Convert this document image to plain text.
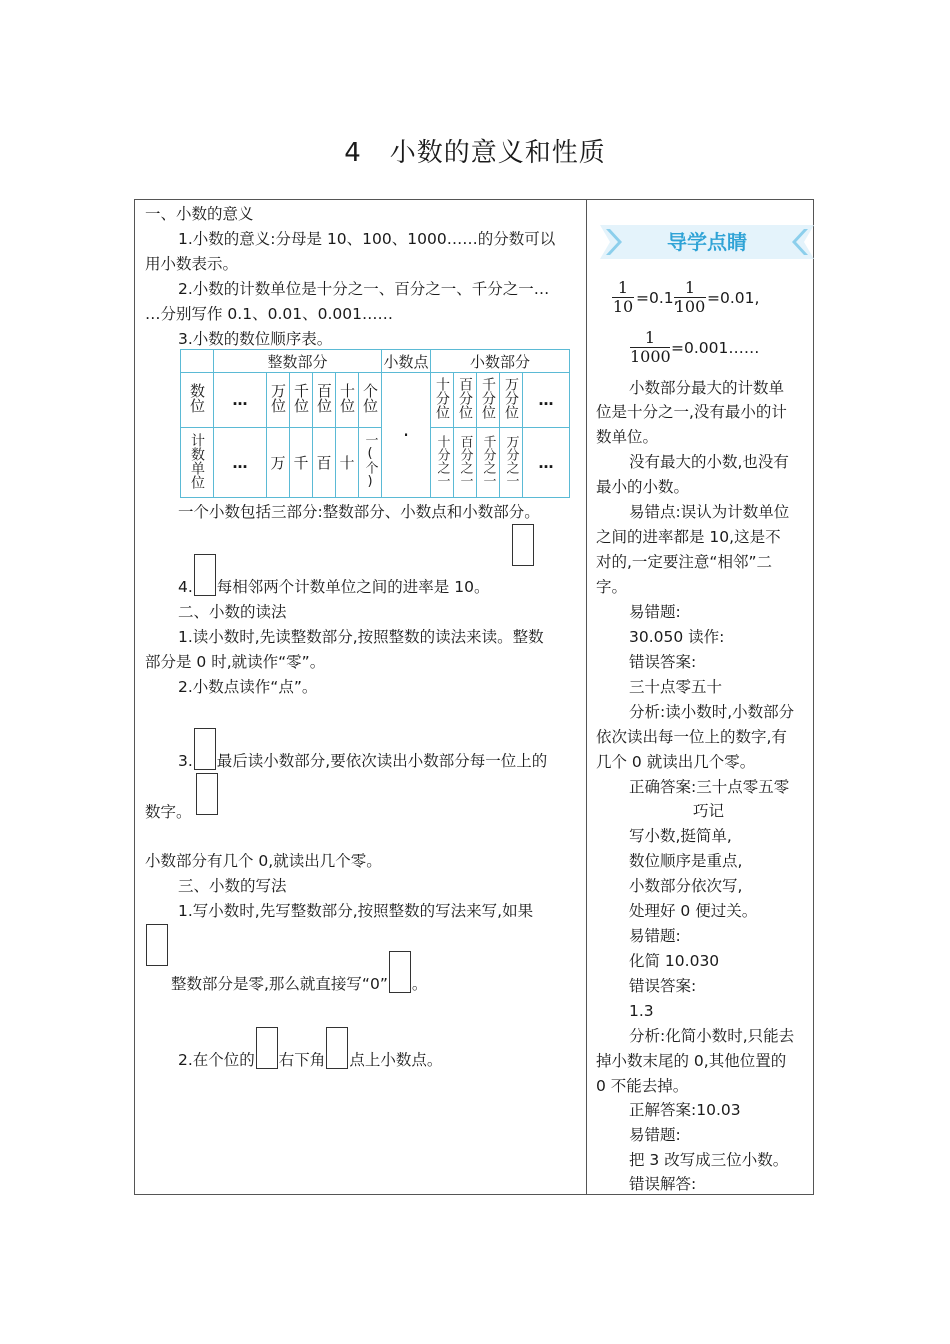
4 小数的意义和性质
一、小数的意义
1.小数的意义:分母是 10、100、1000……的分数可以
用小数表示。
2.小数的计数单位是十分之一、百分之一、千分之一…
…分别写作 0.1、0.01、0.001……
3.小数的数位顺序表。
	整数部分						小数点	小数部分				
数位	…	万位	千位	百位	十位	个位	·	十分位	百分位	千分位	万分位	…
计数单位	…	万	千	百	十	一(个)		十分之一	百分之一	千分之一	万分之一	…
一个小数包括三部分:整数部分、小数点和小数部分。
4. 每相邻两个计数单位之间的进率是 10。
二、小数的读法
1.读小数时,先读整数部分,按照整数的读法来读。整数
部分是 0 时,就读作“零”。
2.小数点读作“点”。
3. 最后读小数部分,要依次读出小数部分每一位上的
数字。
小数部分有几个 0,就读出几个零。
三、小数的写法
1.写小数时,先写整数部分,按照整数的写法来写,如果
整数部分是零,那么就直接写“0” 。
2.在个位的 右下角 点上小数点。
导学点睛
1
10 =0.1,
1
100 =0.01,
1
1000 =0.001……
小数部分最大的计数单
位是十分之一,没有最小的计
数单位。
没有最大的小数,也没有
最小的小数。
易错点:误认为计数单位
之间的进率都是 10,这是不
对的,一定要注意“相邻”二
字。
易错题:
30.050 读作:
错误答案:
三十点零五十
分析:读小数时,小数部分
依次读出每一位上的数字,有
几个 0 就读出几个零。
正确答案:三十点零五零
巧记
写小数,挺简单,
数位顺序是重点,
小数部分依次写,
处理好 0 便过关。
易错题:
化简 10.030
错误答案:
1.3
分析:化简小数时,只能去
掉小数末尾的 0,其他位置的
0 不能去掉。
正解答案:10.03
易错题:
把 3 改写成三位小数。
错误解答:
